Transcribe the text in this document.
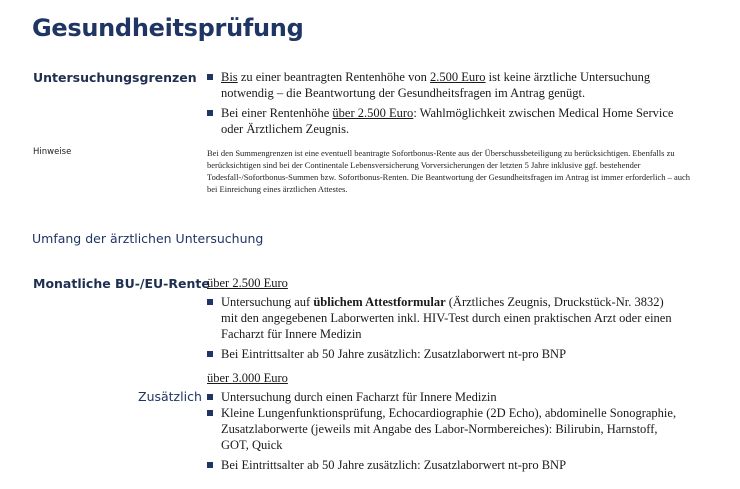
Gesundheitsprüfung
Untersuchungsgrenzen	Bis zu einer beantragten Rentenhöhe von 2.500 Euro ist keine ärztliche Untersuchung notwendig – die Beantwortung der Gesundheitsfragen im Antrag genügt.
Bei einer Rentenhöhe über 2.500 Euro: Wahlmöglichkeit zwischen Medical Home Service oder Ärztlichem Zeugnis.
Hinweise	Bei den Summengrenzen ist eine eventuell beantragte Sofortbonus-Rente aus der Überschussbeteiligung zu berücksichtigen. Ebenfalls zu berücksichtigen sind bei der Continentale Lebensversicherung Vorversicherungen der letzten 5 Jahre inklusive ggf. bestehender Todesfall-/Sofortbonus-Summen bzw. Sofortbonus-Renten. Die Beantwortung der Gesundheitsfragen im Antrag ist immer erforderlich – auch bei Einreichung eines ärztlichen Attestes.
Umfang der ärztlichen Untersuchung
Monatliche BU-/EU-Rente
über 2.500 Euro
Untersuchung auf üblichem Attestformular (Ärztliches Zeugnis, Druckstück-Nr. 3832) mit den angegebenen Laborwerten inkl. HIV-Test durch einen praktischen Arzt oder einen Facharzt für Innere Medizin
Bei Eintrittsalter ab 50 Jahre zusätzlich: Zusatzlaborwert nt-pro BNP
über 3.000 Euro
Zusätzlich	Untersuchung durch einen Facharzt für Innere Medizin
Kleine Lungenfunktionsprüfung, Echocardiographie (2D Echo), abdominelle Sonographie, Zusatzlaborwerte (jeweils mit Angabe des Labor-Normbereiches): Bilirubin, Harnstoff, GOT, Quick
Bei Eintrittsalter ab 50 Jahre zusätzlich: Zusatzlaborwert nt-pro BNP
